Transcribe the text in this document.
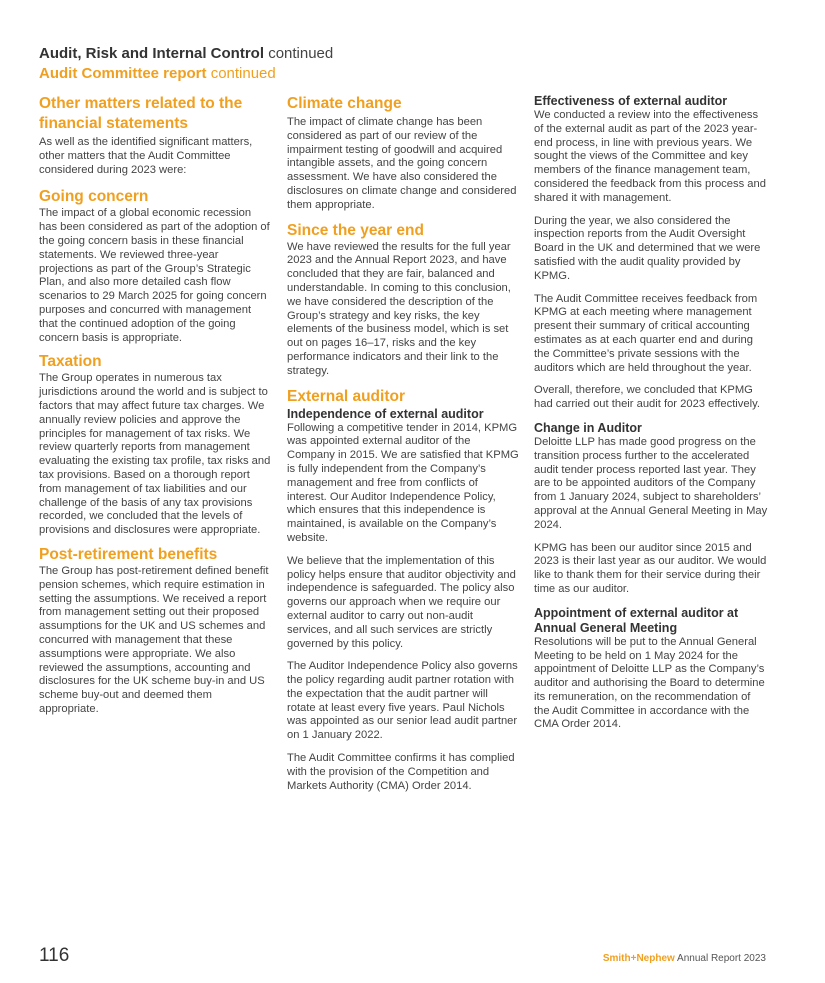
Audit, Risk and Internal Control continued
Audit Committee report continued
Other matters related to the financial statements

As well as the identified significant matters, other matters that the Audit Committee considered during 2023 were:

Going concern

The impact of a global economic recession has been considered as part of the adoption of the going concern basis in these financial statements. We reviewed three-year projections as part of the Group’s Strategic Plan, and also more detailed cash flow scenarios to 29 March 2025 for going concern purposes and concurred with management that the continued adoption of the going concern basis is appropriate.

Taxation

The Group operates in numerous tax jurisdictions around the world and is subject to factors that may affect future tax charges. We annually review policies and approve the principles for management of tax risks. We review quarterly reports from management evaluating the existing tax profile, tax risks and tax provisions. Based on a thorough report from management of tax liabilities and our challenge of the basis of any tax provisions recorded, we concluded that the levels of provisions and disclosures were appropriate.

Post-retirement benefits

The Group has post-retirement defined benefit pension schemes, which require estimation in setting the assumptions. We received a report from management setting out their proposed assumptions for the UK and US schemes and concurred with management that these assumptions were appropriate. We also reviewed the assumptions, accounting and disclosures for the UK scheme buy-in and US scheme buy-out and deemed them appropriate.

Climate change

The impact of climate change has been considered as part of our review of the impairment testing of goodwill and acquired intangible assets, and the going concern assessment. We have also considered the disclosures on climate change and considered them appropriate.

Since the year end

We have reviewed the results for the full year 2023 and the Annual Report 2023, and have concluded that they are fair, balanced and understandable. In coming to this conclusion, we have considered the description of the Group’s strategy and key risks, the key elements of the business model, which is set out on pages 16–17, risks and the key performance indicators and their link to the strategy.

External auditor
Independence of external auditor

Following a competitive tender in 2014, KPMG was appointed external auditor of the Company in 2015. We are satisfied that KPMG is fully independent from the Company’s management and free from conflicts of interest. Our Auditor Independence Policy, which ensures that this independence is maintained, is available on the Company’s website.

We believe that the implementation of this policy helps ensure that auditor objectivity and independence is safeguarded. The policy also governs our approach when we require our external auditor to carry out non-audit services, and all such services are strictly governed by this policy.

The Auditor Independence Policy also governs the policy regarding audit partner rotation with the expectation that the audit partner will rotate at least every five years. Paul Nichols was appointed as our senior lead audit partner on 1 January 2022.

The Audit Committee confirms it has complied with the provision of the Competition and Markets Authority (CMA) Order 2014.

Effectiveness of external auditor

We conducted a review into the effectiveness of the external audit as part of the 2023 year-end process, in line with previous years. We sought the views of the Committee and key members of the finance management team, considered the feedback from this process and shared it with management.

During the year, we also considered the inspection reports from the Audit Oversight Board in the UK and determined that we were satisfied with the audit quality provided by KPMG.

The Audit Committee receives feedback from KPMG at each meeting where management present their summary of critical accounting estimates as at each quarter end and during the Committee’s private sessions with the auditors which are held throughout the year.

Overall, therefore, we concluded that KPMG had carried out their audit for 2023 effectively.

Change in Auditor

Deloitte LLP has made good progress on the transition process further to the accelerated audit tender process reported last year. They are to be appointed auditors of the Company from 1 January 2024, subject to shareholders’ approval at the Annual General Meeting in May 2024.

KPMG has been our auditor since 2015 and 2023 is their last year as our auditor. We would like to thank them for their service during their time as our auditor.

Appointment of external auditor at Annual General Meeting

Resolutions will be put to the Annual General Meeting to be held on 1 May 2024 for the appointment of Deloitte LLP as the Company’s auditor and authorising the Board to determine its remuneration, on the recommendation of the Audit Committee in accordance with the CMA Order 2014.

116	Smith+Nephew Annual Report 2023
